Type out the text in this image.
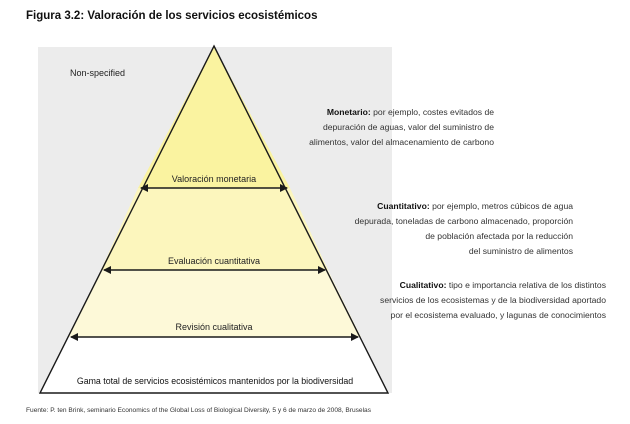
Figura 3.2: Valoración de los servicios ecosistémicos
Non-specified
Valoración monetaria
Evaluación cuantitativa
Revisión cualitativa
Gama total de servicios ecosistémicos mantenidos por la biodiversidad
Monetario: por ejemplo, costes evitados de
depuración de aguas, valor del suministro de
alimentos, valor del almacenamiento de carbono
Cuantitativo: por ejemplo, metros cúbicos de agua
depurada, toneladas de carbono almacenado, proporción
de población afectada por la reducción
del suministro de alimentos
Cualitativo: tipo e importancia relativa de los distintos
servicios de los ecosistemas y de la biodiversidad aportado
por el ecosistema evaluado, y lagunas de conocimientos
Fuente: P. ten Brink, seminario Economics of the Global Loss of Biological Diversity, 5 y 6 de marzo de 2008, Bruselas
